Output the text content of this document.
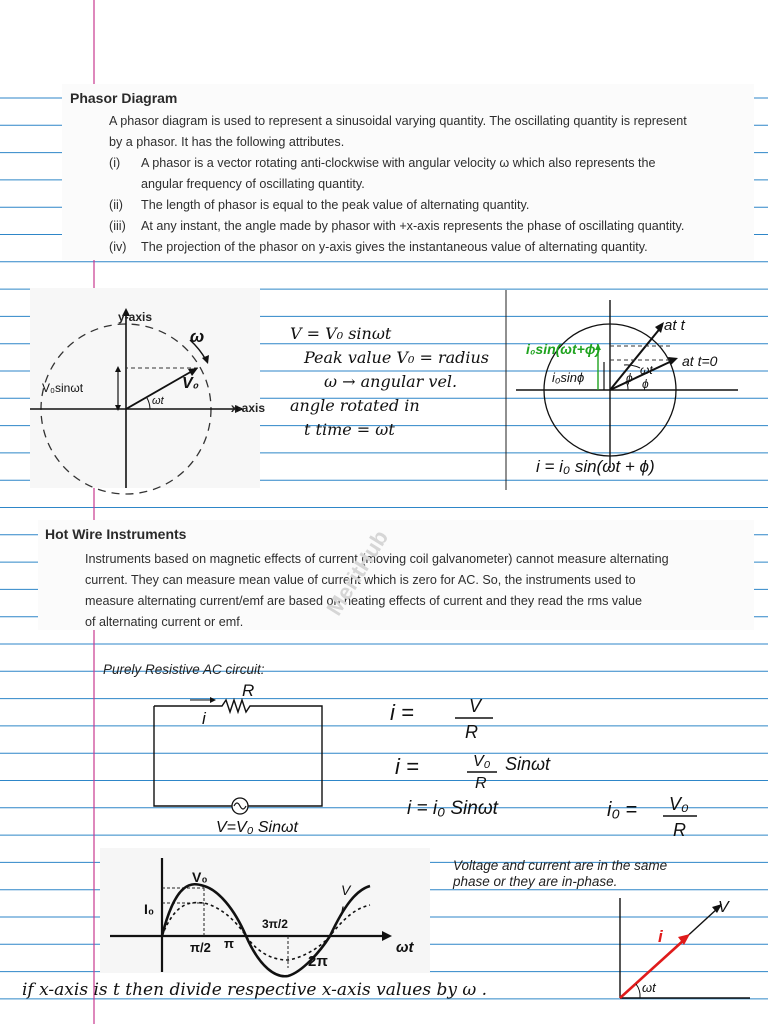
Phasor Diagram
A phasor diagram is used to represent a sinusoidal varying quantity. The oscillating quantity is represent
by a phasor. It has the following attributes.
(i) A phasor is a vector rotating anti-clockwise with angular velocity ω which also represents the
angular frequency of oscillating quantity.
(ii) The length of phasor is equal to the peak value of alternating quantity.
(iii) At any instant, the angle made by phasor with +x-axis represents the phase of oscillating quantity.
(iv) The projection of the phasor on y-axis gives the instantaneous value of alternating quantity.
y-axis
x-axis
ω
V₀sinωt
ωt
V₀
V = V₀ sinωt
Peak value V₀ = radius
ω → angular vel.
angle rotated in
t time = ωt
at t
at t=0
i₀sin(ωt+ϕ)
i₀sinϕ	ωt
ϕ ϕ
i = i₀ sin(ωt + ϕ)
Hot Wire Instruments
Instruments based on magnetic effects of current (moving coil galvanometer) cannot measure alternating
current. They can measure mean value of current which is zero for AC. So, the instruments used to
measure alternating current/emf are based on heating effects of current and they read the rms value
of alternating current or emf.
MeritHub
Purely Resistive AC circuit:
R
i
V=V₀ Sinωt
i =	V
R
i =	V₀
R
Sinωt
i = i₀ Sinωt	i₀ = V₀
R
V₀
I₀
V
I
π/2 π
3π/2
2π
ωt
Voltage and current are in the same
phase or they are in-phase.
V
i
ωt
if x-axis is t then divide respective x-axis values by ω .
